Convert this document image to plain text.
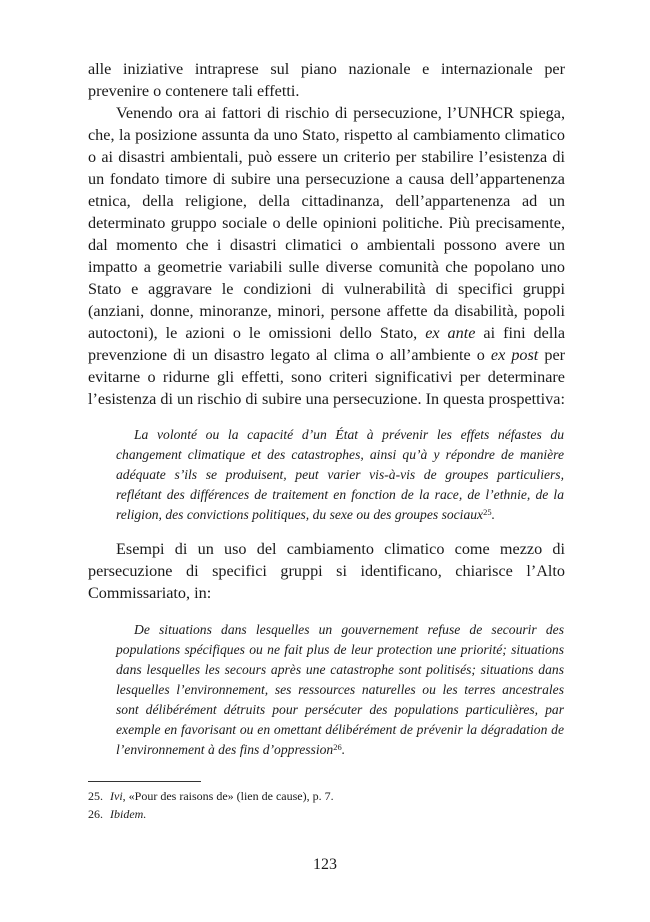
alle iniziative intraprese sul piano nazionale e internazionale per prevenire o contenere tali effetti.

Venendo ora ai fattori di rischio di persecuzione, l’UNHCR spiega, che, la posizione assunta da uno Stato, rispetto al cambiamento climatico o ai disastri ambientali, può essere un criterio per stabilire l’esistenza di un fondato timore di subire una persecuzione a causa dell’appartenenza etnica, della religione, della cittadinanza, dell’appartenenza ad un determinato gruppo sociale o delle opinioni politiche. Più precisamente, dal momento che i disastri climatici o ambientali possono avere un impatto a geometrie variabili sulle diverse comunità che popolano uno Stato e aggravare le condizioni di vulnerabilità di specifici gruppi (anziani, donne, minoranze, minori, persone affette da disabilità, popoli autoctoni), le azioni o le omissioni dello Stato, ex ante ai fini della prevenzione di un disastro legato al clima o all’ambiente o ex post per evitarne o ridurne gli effetti, sono criteri significativi per determinare l’esistenza di un rischio di subire una persecuzione. In questa prospettiva:

La volonté ou la capacité d’un État à prévenir les effets néfastes du changement climatique et des catastrophes, ainsi qu’à y répondre de manière adéquate s’ils se produisent, peut varier vis-à-vis de groupes particuliers, reflétant des différences de traitement en fonction de la race, de l’ethnie, de la religion, des convictions politiques, du sexe ou des groupes sociaux$^{25}$.

Esempi di un uso del cambiamento climatico come mezzo di persecuzione di specifici gruppi si identificano, chiarisce l’Alto Commissariato, in:

De situations dans lesquelles un gouvernement refuse de secourir des populations spécifiques ou ne fait plus de leur protection une priorité; situations dans lesquelles les secours après une catastrophe sont politisés; situations dans lesquelles l’environnement, ses ressources naturelles ou les terres ancestrales sont délibérément détruits pour persécuter des populations particulières, par exemple en favorisant ou en omettant délibérément de prévenir la dégradation de l’environnement à des fins d’oppression$^{26}$.

25. Ivi, «Pour des raisons de» (lien de cause), p. 7.
26. Ibidem.
123
